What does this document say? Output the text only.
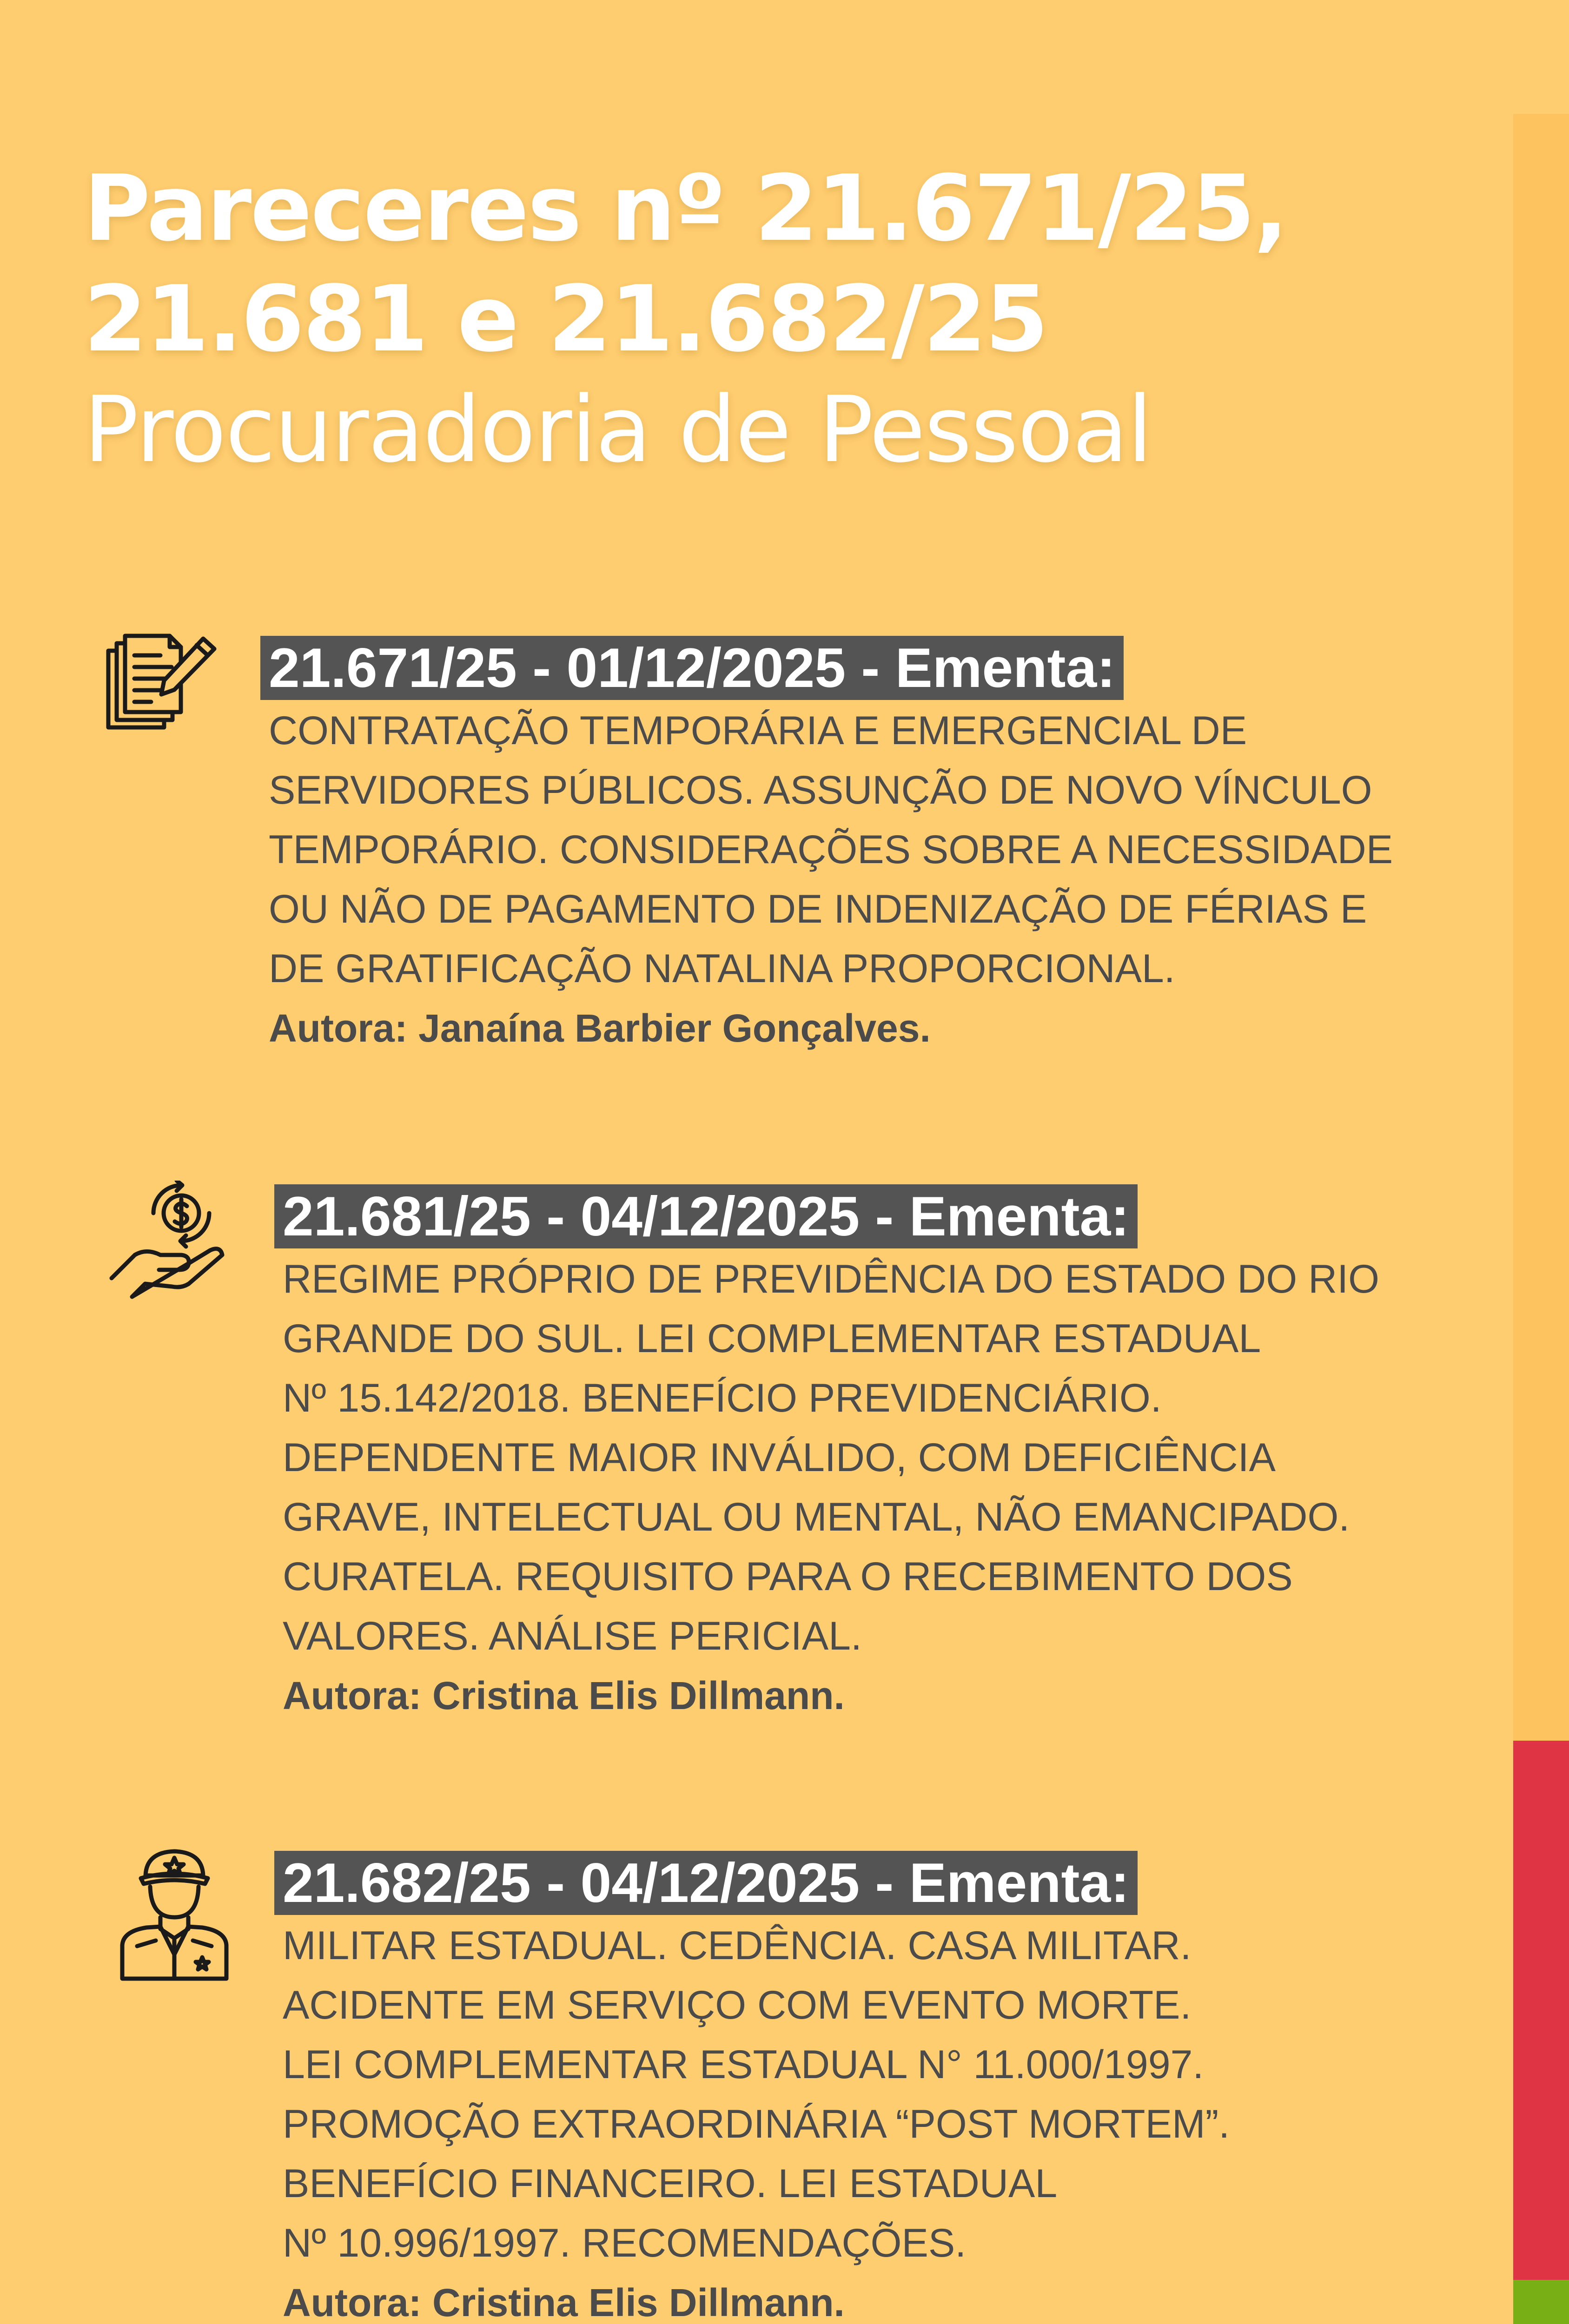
Pareceres nº 21.671/25,
21.681 e 21.682/25
Procuradoria de Pessoal
21.671/25 - 01/12/2025 - Ementa:

CONTRATAÇÃO TEMPORÁRIA E EMERGENCIAL DE
SERVIDORES PÚBLICOS. ASSUNÇÃO DE NOVO VÍNCULO
TEMPORÁRIO. CONSIDERAÇÕES SOBRE A NECESSIDADE
OU NÃO DE PAGAMENTO DE INDENIZAÇÃO DE FÉRIAS E
DE GRATIFICAÇÃO NATALINA PROPORCIONAL.

Autora: Janaína Barbier Gonçalves.
21.681/25 - 04/12/2025 - Ementa:

REGIME PRÓPRIO DE PREVIDÊNCIA DO ESTADO DO RIO
GRANDE DO SUL. LEI COMPLEMENTAR ESTADUAL
Nº 15.142/2018. BENEFÍCIO PREVIDENCIÁRIO.
DEPENDENTE MAIOR INVÁLIDO, COM DEFICIÊNCIA
GRAVE, INTELECTUAL OU MENTAL, NÃO EMANCIPADO.
CURATELA. REQUISITO PARA O RECEBIMENTO DOS
VALORES. ANÁLISE PERICIAL.

Autora: Cristina Elis Dillmann.
21.682/25 - 04/12/2025 - Ementa:

MILITAR ESTADUAL. CEDÊNCIA. CASA MILITAR.
ACIDENTE EM SERVIÇO COM EVENTO MORTE.
LEI COMPLEMENTAR ESTADUAL N° 11.000/1997.
PROMOÇÃO EXTRAORDINÁRIA “POST MORTEM”.
BENEFÍCIO FINANCEIRO. LEI ESTADUAL
Nº 10.996/1997. RECOMENDAÇÕES.

Autora: Cristina Elis Dillmann.
